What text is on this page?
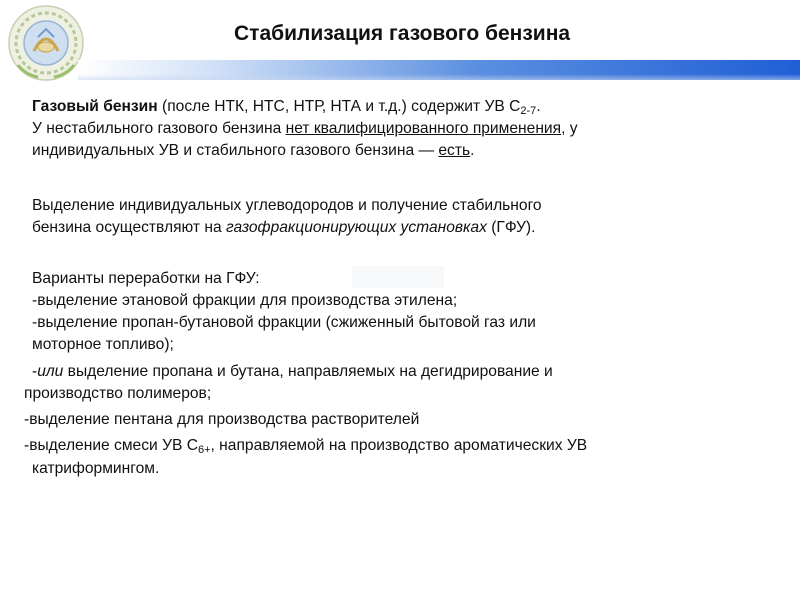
Стабилизация газового бензина
Газовый бензин (после НТК, НТС, НТР, НТА и т.д.) содержит УВ $С_{2-7}$.
У нестабильного газового бензина нет квалифицированного применения, у
индивидуальных УВ и стабильного газового бензина — есть.
Выделение индивидуальных углеводородов и получение стабильного
бензина осуществляют на газофракционирующих установках (ГФУ).
Варианты переработки на ГФУ:
-выделение этановой фракции для производства этилена;
-выделение пропан-бутановой фракции (сжиженный бытовой газ или
моторное топливо);
-или выделение пропана и бутана, направляемых на дегидрирование и
производство полимеров;
-выделение пентана для производства растворителей
-выделение смеси УВ $С_{6+}$, направляемой на производство ароматических УВ
катриформингом.
